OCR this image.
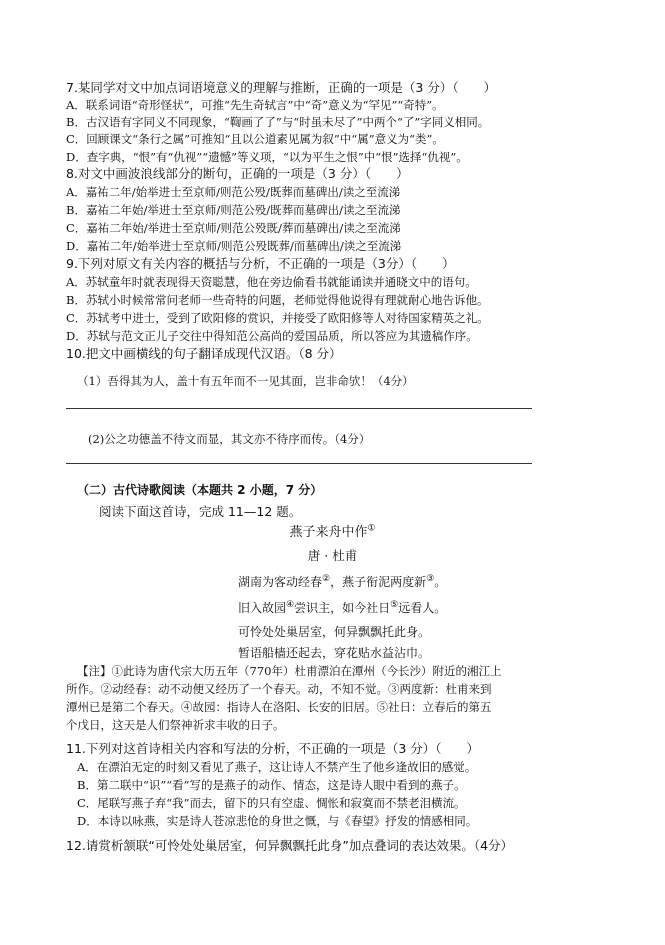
7.某同学对文中加点词语境意义的理解与推断，正确的一项是（3 分）（　　）
A．联系词语“奇形怪状”，可推“先生奇轼言”中“奇”意义为“罕见”“奇特”。
B．古汉语有字同义不同现象，“鞫画了了”与“时虽未尽了”中两个“了”字同义相同。
C．回顾课文“条行之属”可推知“且以公道素见属为叙”中“属”意义为“类”。
D．查字典，“恨”有“仇视”“遗憾”等义项，“以为平生之恨”中“恨”选择“仇视”。
8.对文中画波浪线部分的断句，正确的一项是（3 分）（　　）
A．嘉祐二年/始举进士至京师/则范公殁/既葬而墓碑出/读之至流涕
B．嘉祐二年始/举进士至京师/则范公殁/既葬而墓碑出/读之至流涕
C．嘉祐二年始/举进士至京师/则范公殁既/葬而墓碑出/读之至流涕
D．嘉祐二年/始举进士至京师/则范公殁既葬/而墓碑出/读之至流涕
9.下列对原文有关内容的概括与分析，不正确的一项是（3分）（　　）
A．苏轼童年时就表现得天资聪慧，他在旁边偷看书就能诵读并通晓文中的语句。
B．苏轼小时候常常问老师一些奇特的问题，老师觉得他说得有理就耐心地告诉他。
C．苏轼考中进士，受到了欧阳修的赏识，并接受了欧阳修等人对待国家精英之礼。
D．苏轼与范文正儿子交往中得知范公高尚的爱国品质，所以答应为其遗稿作序。
10.把文中画横线的句子翻译成现代汉语。（8 分）
（1）吾得其为人，盖十有五年而不一见其面，岂非命欤！（4分）
(2)公之功德盖不待文而显，其文亦不待序而传。（4分）
（二）古代诗歌阅读（本题共 2 小题，7 分）
阅读下面这首诗，完成 11—12 题。
燕子来舟中作①
唐 · 杜甫
湖南为客动经春②，燕子衔泥两度新③。
旧入故园④尝识主，如今社日⑤远看人。
可怜处处巢居室，何异飘飘托此身。
暂语船樯还起去，穿花贴水益沾巾。
【注】①此诗为唐代宗大历五年（770年）杜甫漂泊在潭州（今长沙）附近的湘江上
所作。②动经春：动不动便又经历了一个春天。动，不知不觉。③两度新：杜甫来到
潭州已是第二个春天。④故园：指诗人在洛阳、长安的旧居。⑤社日：立春后的第五
个戊日，这天是人们祭神祈求丰收的日子。
11.下列对这首诗相关内容和写法的分析，不正确的一项是（3 分）（　　）
A．在漂泊无定的时刻又看见了燕子，这让诗人不禁产生了他乡逢故旧的感觉。
B．第二联中“识”“看”写的是燕子的动作、情态，这是诗人眼中看到的燕子。
C．尾联写燕子弃“我”而去，留下的只有空虚、惆怅和寂寞而不禁老泪横流。
D．本诗以咏燕，实是诗人苍凉悲怆的身世之慨，与《春望》抒发的情感相同。
12.请赏析颔联“可怜处处巢居室，何异飘飘托此身”加点叠词的表达效果。（4分）
